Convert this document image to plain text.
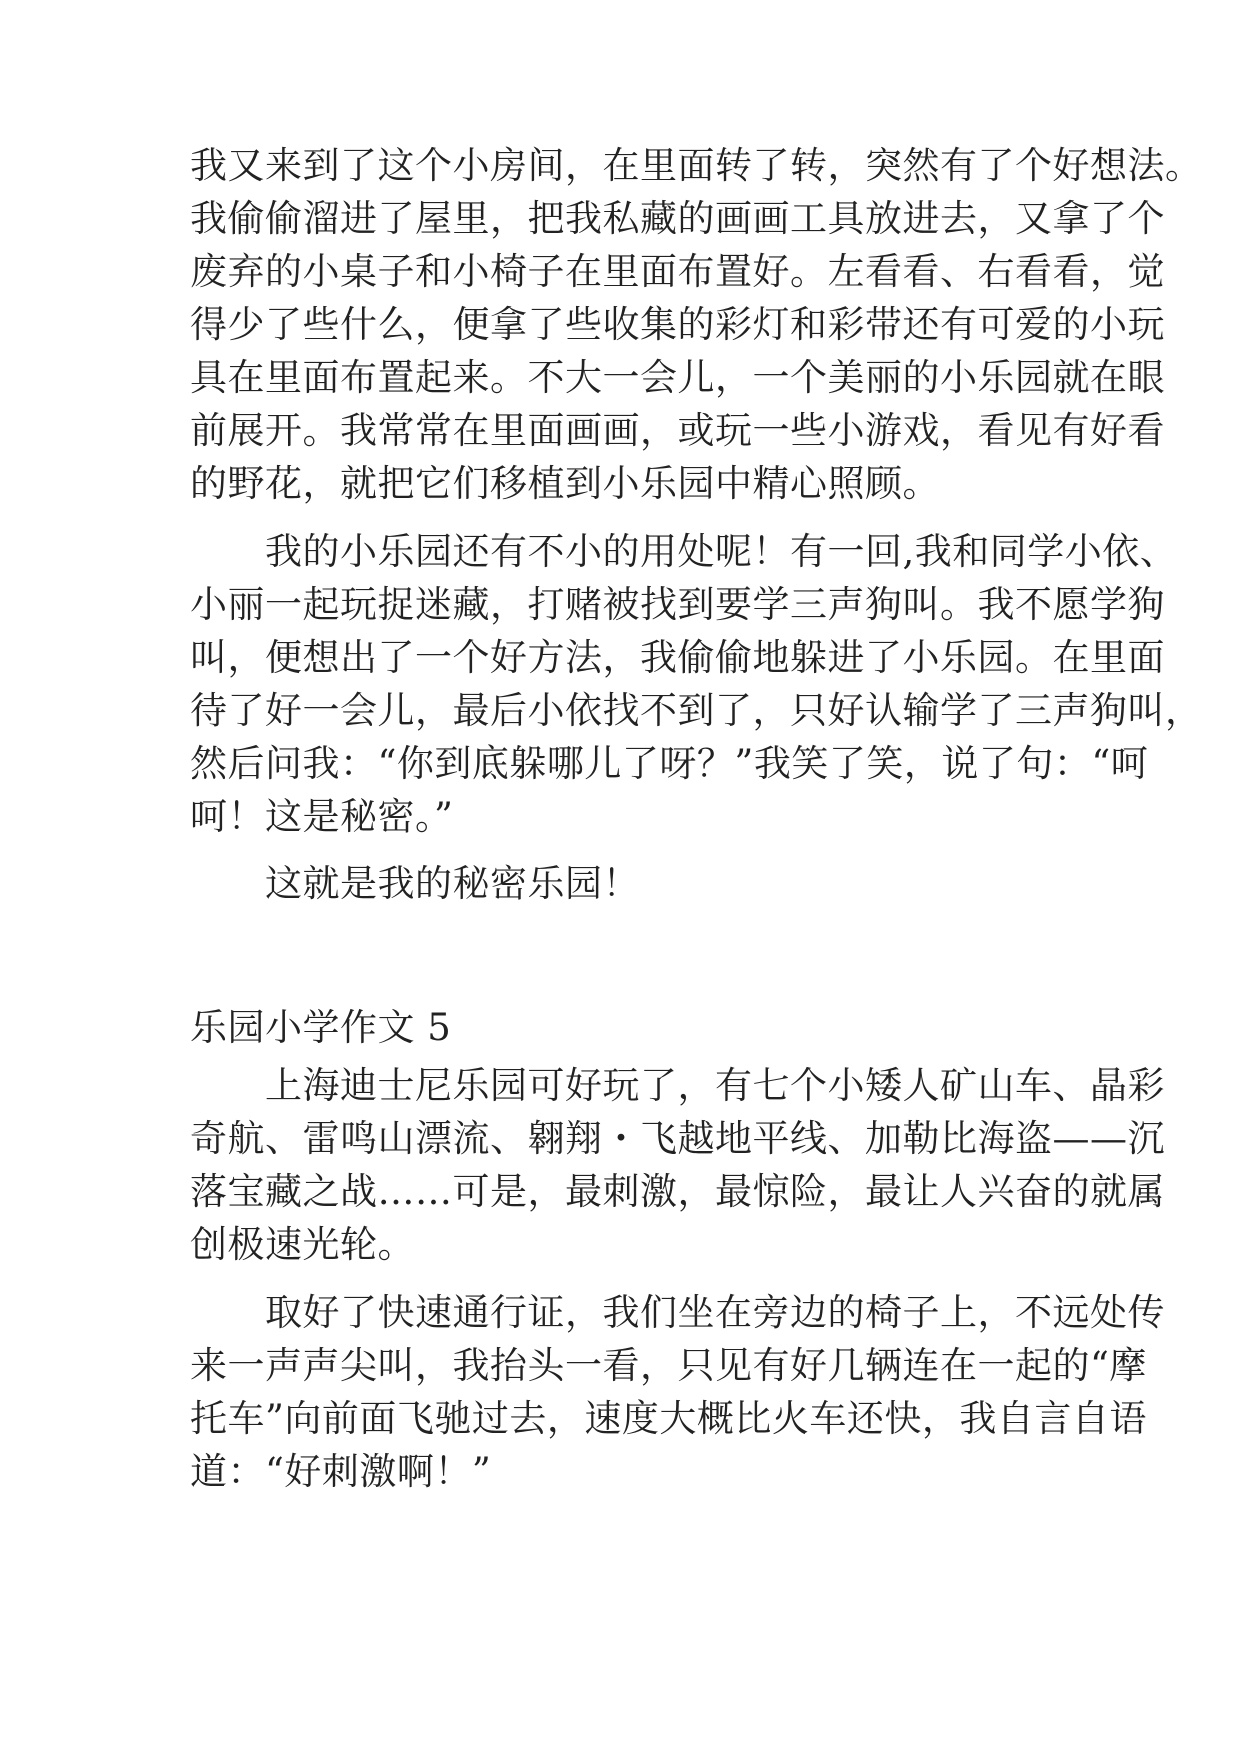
我又来到了这个小房间，在里面转了转，突然有了个好想法。
我偷偷溜进了屋里，把我私藏的画画工具放进去，又拿了个
废弃的小桌子和小椅子在里面布置好。左看看、右看看，觉
得少了些什么，便拿了些收集的彩灯和彩带还有可爱的小玩
具在里面布置起来。不大一会儿，一个美丽的小乐园就在眼
前展开。我常常在里面画画，或玩一些小游戏，看见有好看
的野花，就把它们移植到小乐园中精心照顾。
　　我的小乐园还有不小的用处呢！有一回,我和同学小依、
小丽一起玩捉迷藏，打赌被找到要学三声狗叫。我不愿学狗
叫，便想出了一个好方法，我偷偷地躲进了小乐园。在里面
待了好一会儿，最后小依找不到了，只好认输学了三声狗叫，
然后问我：“你到底躲哪儿了呀？”我笑了笑，说了句：“呵
呵！这是秘密。”
　　这就是我的秘密乐园！
乐园小学作文 5
　　上海迪士尼乐园可好玩了，有七个小矮人矿山车、晶彩
奇航、雷鸣山漂流、翱翔・飞越地平线、加勒比海盗——沉
落宝藏之战……可是，最刺激，最惊险，最让人兴奋的就属
创极速光轮。
　　取好了快速通行证，我们坐在旁边的椅子上，不远处传
来一声声尖叫，我抬头一看，只见有好几辆连在一起的“摩
托车”向前面飞驰过去，速度大概比火车还快，我自言自语
道：“好刺激啊！”
